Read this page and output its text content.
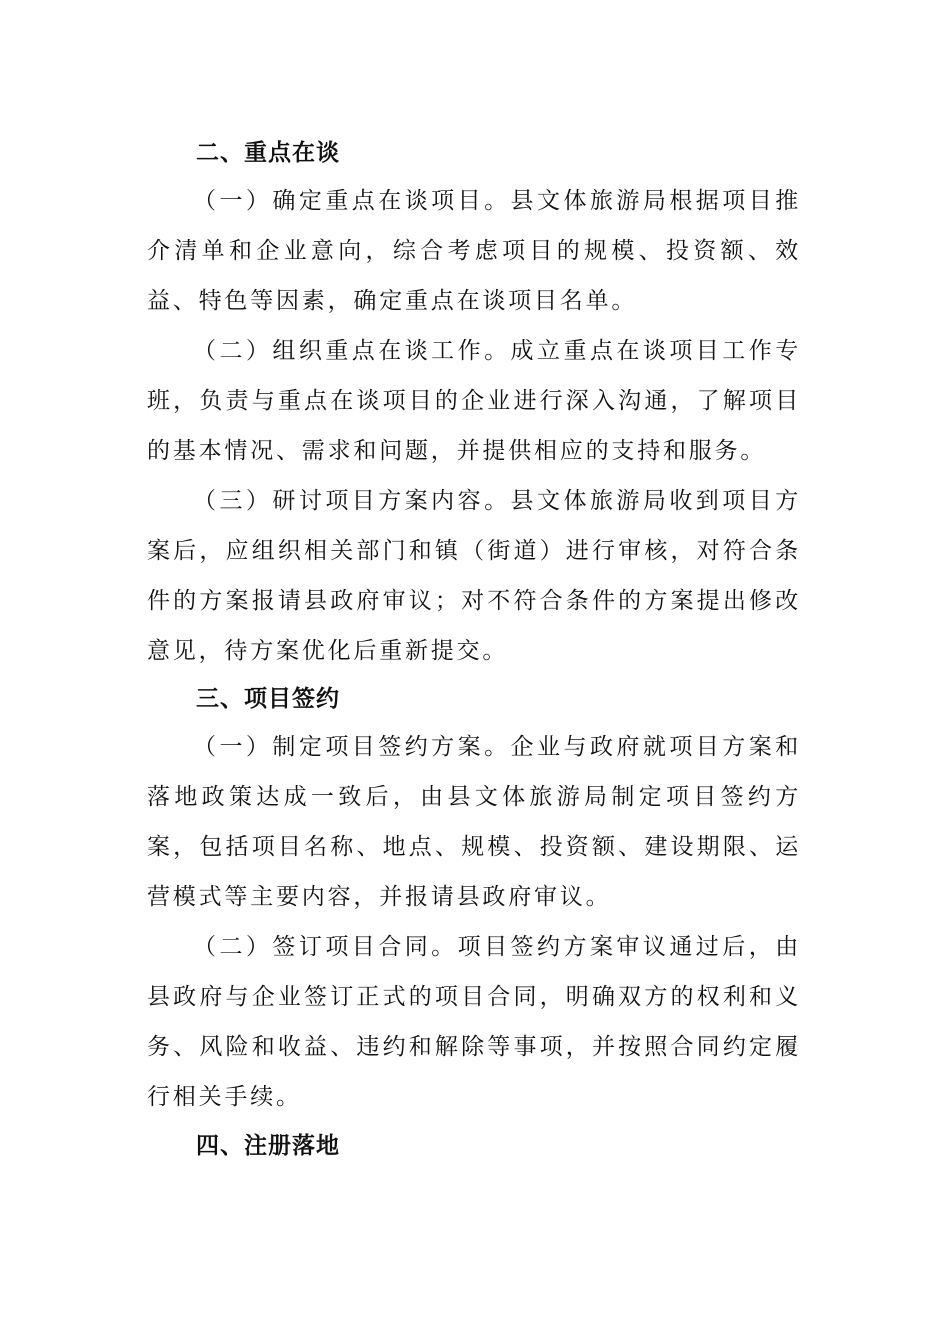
二、重点在谈

（一）确定重点在谈项目。县文体旅游局根据项目推介清单和企业意向，综合考虑项目的规模、投资额、效益、特色等因素，确定重点在谈项目名单。

（二）组织重点在谈工作。成立重点在谈项目工作专班，负责与重点在谈项目的企业进行深入沟通，了解项目的基本情况、需求和问题，并提供相应的支持和服务。

（三）研讨项目方案内容。县文体旅游局收到项目方案后，应组织相关部门和镇（街道）进行审核，对符合条件的方案报请县政府审议；对不符合条件的方案提出修改意见，待方案优化后重新提交。

三、项目签约

（一）制定项目签约方案。企业与政府就项目方案和落地政策达成一致后，由县文体旅游局制定项目签约方案，包括项目名称、地点、规模、投资额、建设期限、运营模式等主要内容，并报请县政府审议。

（二）签订项目合同。项目签约方案审议通过后，由县政府与企业签订正式的项目合同，明确双方的权利和义务、风险和收益、违约和解除等事项，并按照合同约定履行相关手续。

四、注册落地
